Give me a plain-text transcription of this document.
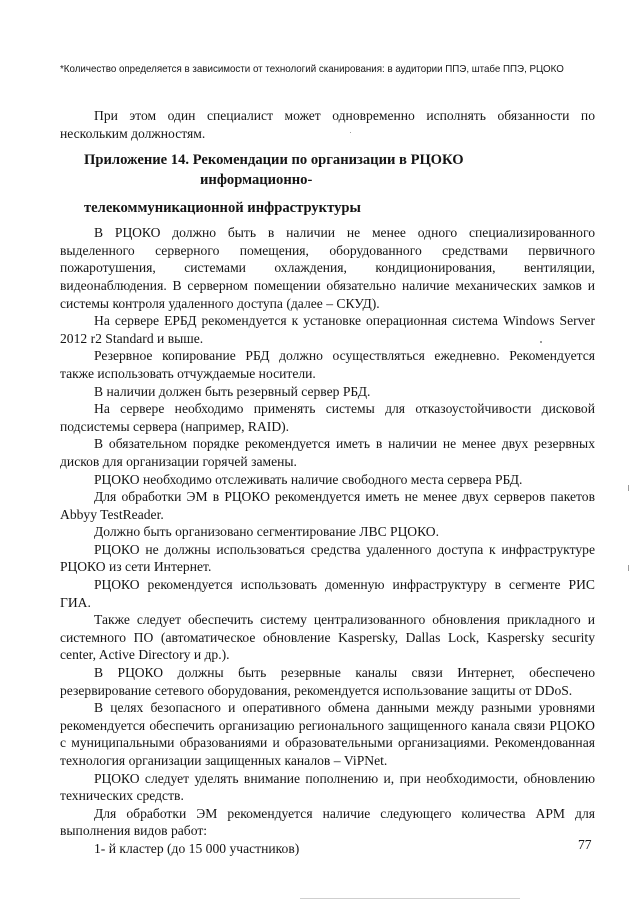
*Количество определяется в зависимости от технологий сканирования: в аудитории ППЭ, штабе ППЭ, РЦОКО

При этом один специалист может одновременно исполнять обязанности по нескольким должностям.

Приложение 14. Рекомендации по организации в РЦОКО
информационно-
телекоммуникационной инфраструктуры

В РЦОКО должно быть в наличии не менее одного специализированного выделенного серверного помещения, оборудованного средствами первичного пожаротушения, системами охлаждения, кондиционирования, вентиляции, видеонаблюдения. В серверном помещении обязательно наличие механических замков и системы контроля удаленного доступа (далее – СКУД).

На сервере ЕРБД рекомендуется к установке операционная система Windows Server 2012 r2 Standard и выше.

Резервное копирование РБД должно осуществляться ежедневно. Рекомендуется также использовать отчуждаемые носители.

В наличии должен быть резервный сервер РБД.

На сервере необходимо применять системы для отказоустойчивости дисковой подсистемы сервера (например, RAID).

В обязательном порядке рекомендуется иметь в наличии не менее двух резервных дисков для организации горячей замены.

РЦОКО необходимо отслеживать наличие свободного места сервера РБД.

Для обработки ЭМ в РЦОКО рекомендуется иметь не менее двух серверов пакетов Abbyy TestReader.

Должно быть организовано сегментирование ЛВС РЦОКО.

РЦОКО не должны использоваться средства удаленного доступа к инфраструктуре РЦОКО из сети Интернет.

РЦОКО рекомендуется использовать доменную инфраструктуру в сегменте РИС ГИА.

Также следует обеспечить систему централизованного обновления прикладного и системного ПО (автоматическое обновление Kaspersky, Dallas Lock, Kaspersky security center, Active Directory и др.).

В РЦОКО должны быть резервные каналы связи Интернет, обеспечено резервирование сетевого оборудования, рекомендуется использование защиты от DDoS.

В целях безопасного и оперативного обмена данными между разными уровнями рекомендуется обеспечить организацию регионального защищенного канала связи РЦОКО с муниципальными образованиями и образовательными организациями. Рекомендованная технология организации защищенных каналов – ViPNet.

РЦОКО следует уделять внимание пополнению и, при необходимости, обновлению технических средств.

Для обработки ЭМ рекомендуется наличие следующего количества АРМ для выполнения видов работ:

1- й кластер (до 15 000 участников)	77
